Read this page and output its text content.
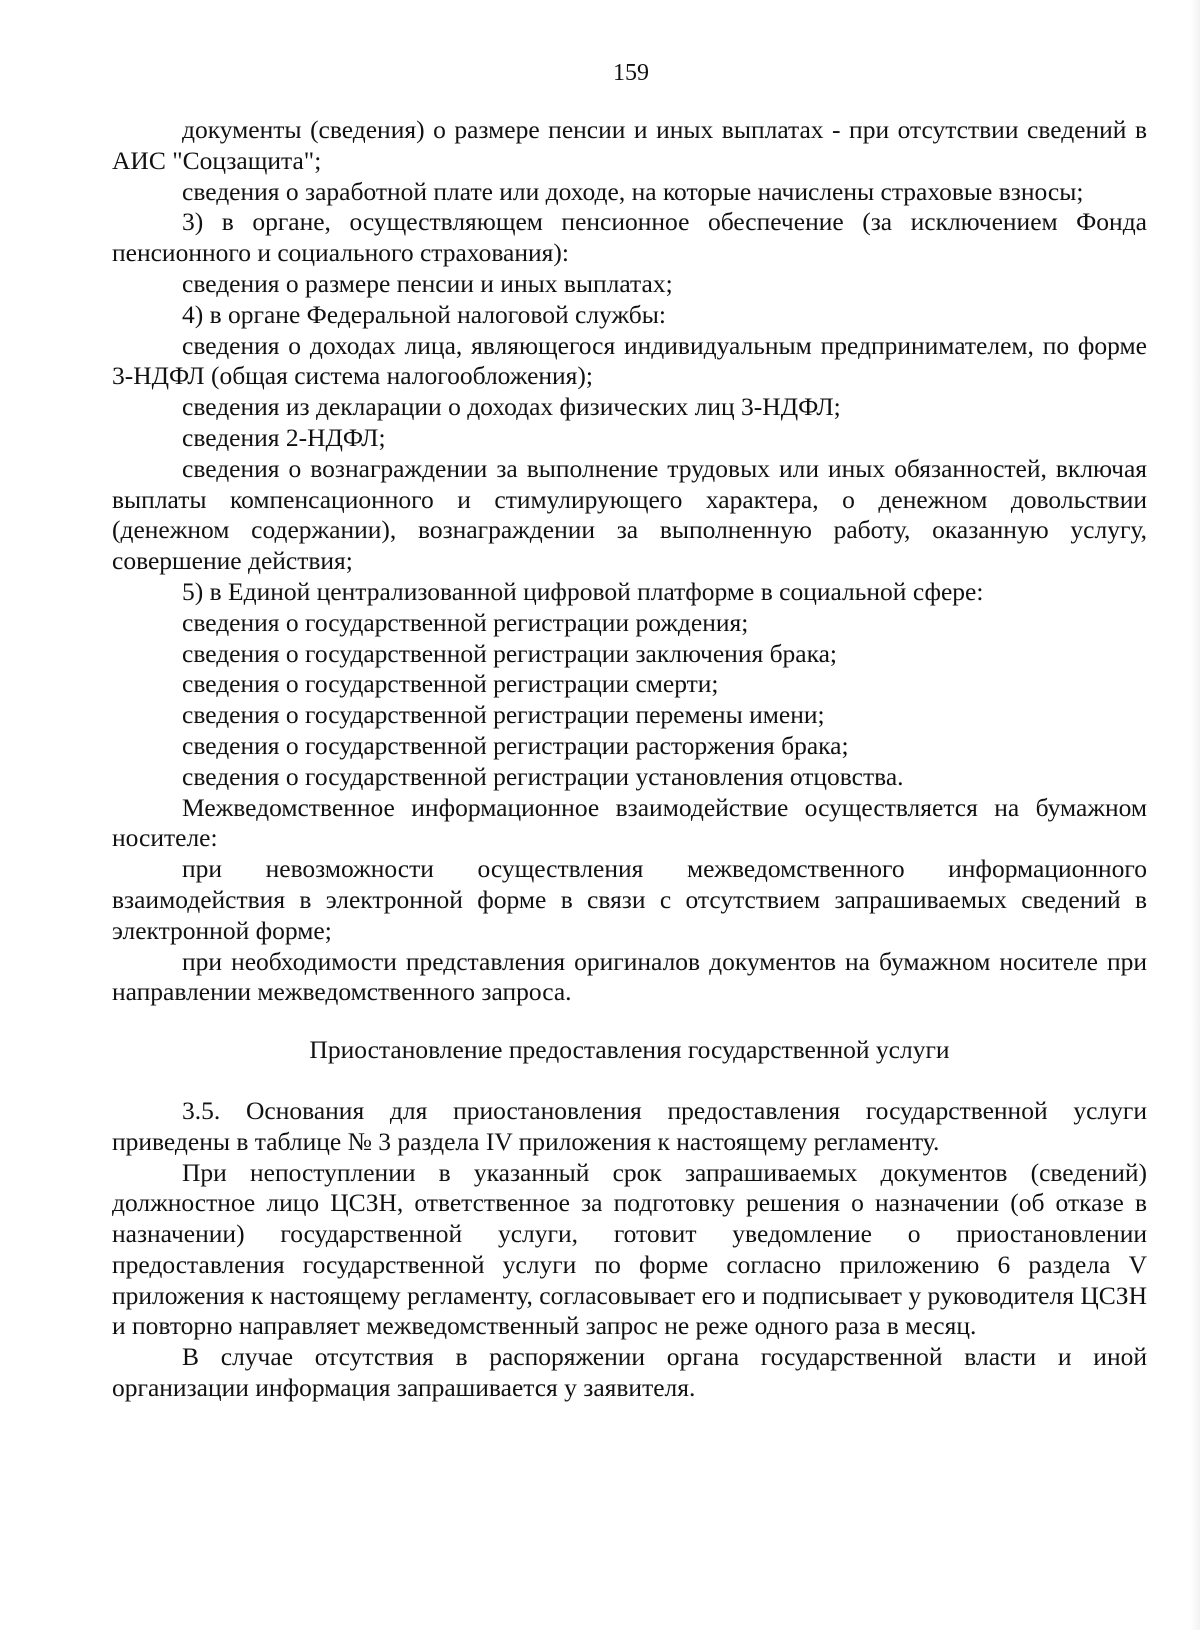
159

документы (сведения) о размере пенсии и иных выплатах - при отсутствии сведений в АИС "Соцзащита";

сведения о заработной плате или доходе, на которые начислены страховые взносы;

3) в органе, осуществляющем пенсионное обеспечение (за исключением Фонда пенсионного и социального страхования):

сведения о размере пенсии и иных выплатах;

4) в органе Федеральной налоговой службы:

сведения о доходах лица, являющегося индивидуальным предпринимателем, по форме 3-НДФЛ (общая система налогообложения);

сведения из декларации о доходах физических лиц 3-НДФЛ;

сведения 2-НДФЛ;

сведения о вознаграждении за выполнение трудовых или иных обязанностей, включая выплаты компенсационного и стимулирующего характера, о денежном довольствии (денежном содержании), вознаграждении за выполненную работу, оказанную услугу, совершение действия;

5) в Единой централизованной цифровой платформе в социальной сфере:

сведения о государственной регистрации рождения;

сведения о государственной регистрации заключения брака;

сведения о государственной регистрации смерти;

сведения о государственной регистрации перемены имени;

сведения о государственной регистрации расторжения брака;

сведения о государственной регистрации установления отцовства.

Межведомственное информационное взаимодействие осуществляется на бумажном носителе:

при невозможности осуществления межведомственного информационного взаимодействия в электронной форме в связи с отсутствием запрашиваемых сведений в электронной форме;

при необходимости представления оригиналов документов на бумажном носителе при направлении межведомственного запроса.

Приостановление предоставления государственной услуги

3.5. Основания для приостановления предоставления государственной услуги приведены в таблице № 3 раздела IV приложения к настоящему регламенту.

При непоступлении в указанный срок запрашиваемых документов (сведений) должностное лицо ЦСЗН, ответственное за подготовку решения о назначении (об отказе в назначении) государственной услуги, готовит уведомление о приостановлении предоставления государственной услуги по форме согласно приложению 6 раздела V приложения к настоящему регламенту, согласовывает его и подписывает у руководителя ЦСЗН и повторно направляет межведомственный запрос не реже одного раза в месяц.

В случае отсутствия в распоряжении органа государственной власти и иной организации информация запрашивается у заявителя.
